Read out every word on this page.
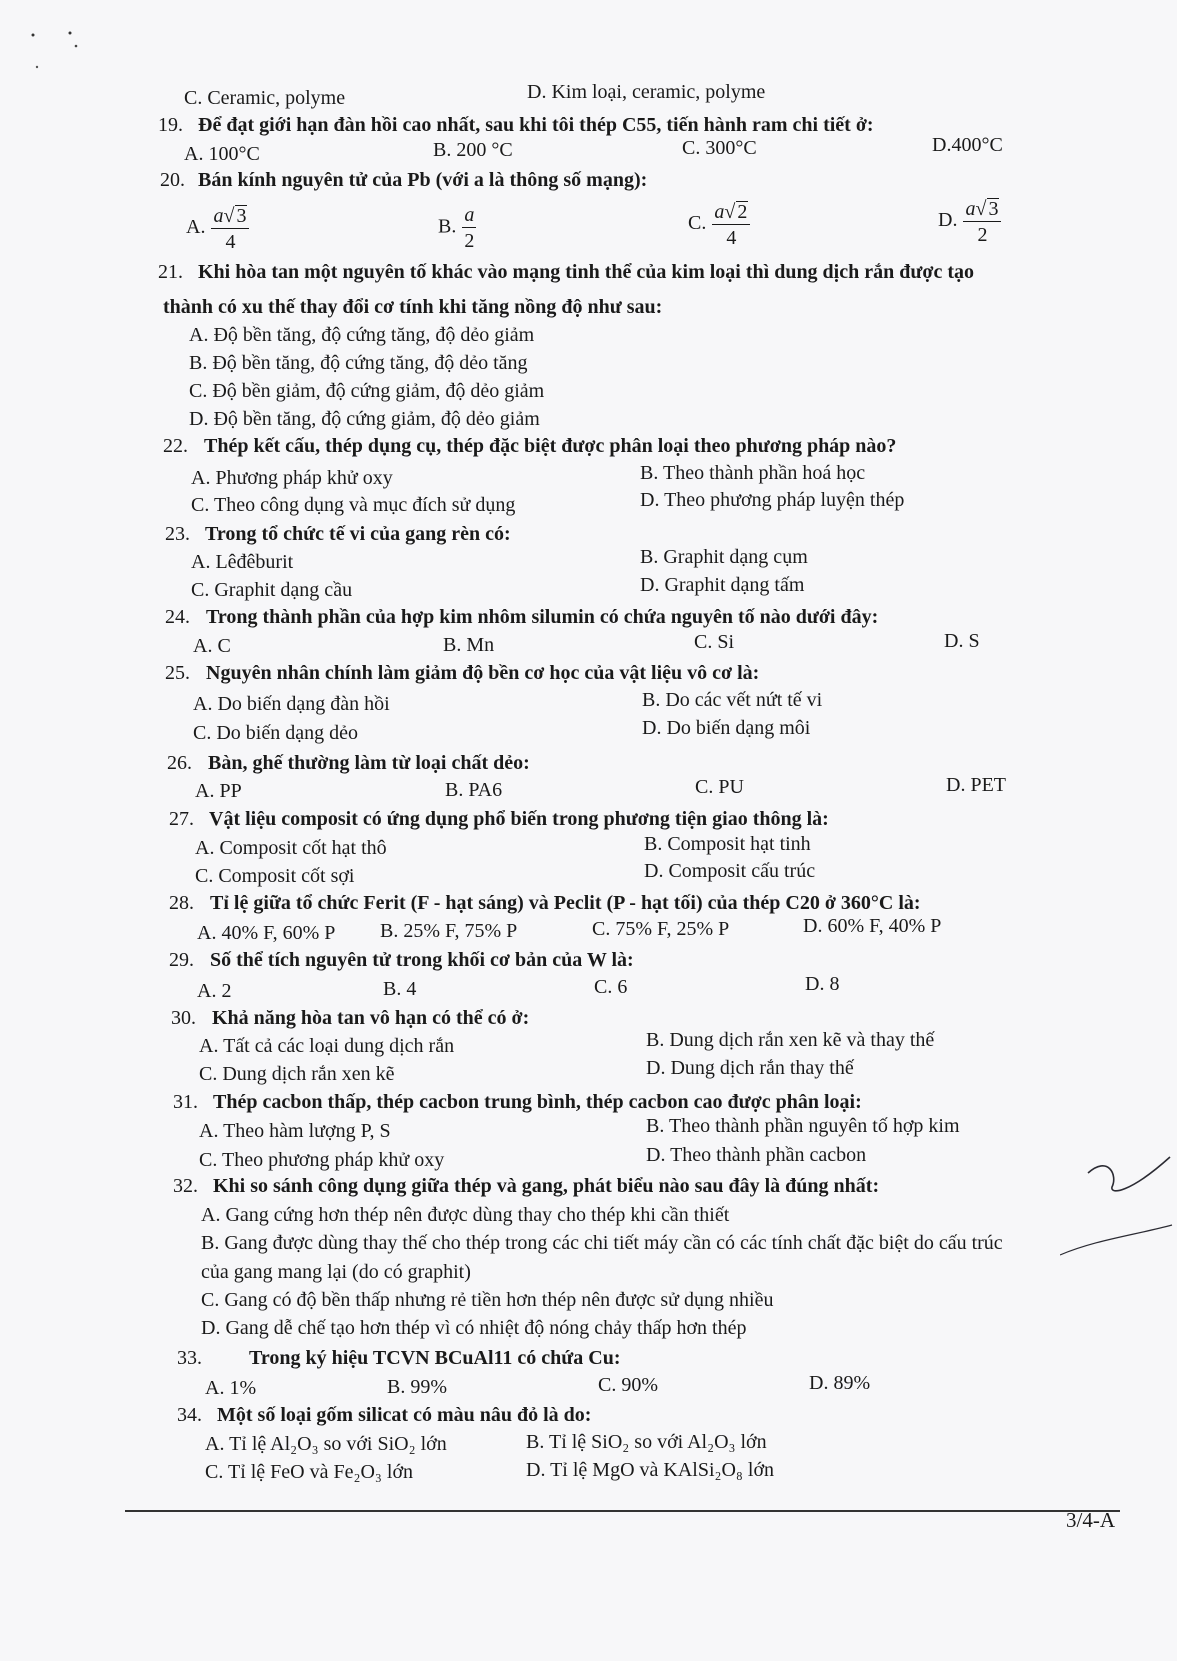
C. Ceramic, polyme	D. Kim loại, ceramic, polyme
19. Để đạt giới hạn đàn hồi cao nhất, sau khi tôi thép C55, tiến hành ram chi tiết ở:
A. 100°C	B. 200 °C	C. 300°C	D.400°C
20. Bán kính nguyên tử của Pb (với a là thông số mạng):
A. $\frac{a√ 3}{4}$	B. $\frac{a}{2}$	C. $\frac{a√ 2}{4}$	D. $\frac{a√ 3}{2}$
21. Khi hòa tan một nguyên tố khác vào mạng tinh thể của kim loại thì dung dịch rắn được tạo
thành có xu thế thay đổi cơ tính khi tăng nồng độ như sau:
A. Độ bền tăng, độ cứng tăng, độ dẻo giảm
B. Độ bền tăng, độ cứng tăng, độ dẻo tăng
C. Độ bền giảm, độ cứng giảm, độ dẻo giảm
D. Độ bền tăng, độ cứng giảm, độ dẻo giảm
22. Thép kết cấu, thép dụng cụ, thép đặc biệt được phân loại theo phương pháp nào?
A. Phương pháp khử oxy	B. Theo thành phần hoá học
C. Theo công dụng và mục đích sử dụng	D. Theo phương pháp luyện thép
23. Trong tổ chức tế vi của gang rèn có:
A. Lêđêburit	B. Graphit dạng cụm
C. Graphit dạng cầu	D. Graphit dạng tấm
24. Trong thành phần của hợp kim nhôm silumin có chứa nguyên tố nào dưới đây:
A. C	B. Mn	C. Si	D. S
25. Nguyên nhân chính làm giảm độ bền cơ học của vật liệu vô cơ là:
A. Do biến dạng đàn hồi	B. Do các vết nứt tế vi
C. Do biến dạng dẻo	D. Do biến dạng môi
26. Bàn, ghế thường làm từ loại chất dẻo:
A. PP	B. PA6	C. PU	D. PET
27. Vật liệu composit có ứng dụng phổ biến trong phương tiện giao thông là:
A. Composit cốt hạt thô	B. Composit hạt tinh
C. Composit cốt sợi	D. Composit cấu trúc
28. Tỉ lệ giữa tổ chức Ferit (F - hạt sáng) và Peclit (P - hạt tối) của thép C20 ở 360°C là:
A. 40% F, 60% P B. 25% F, 75% P	C. 75% F, 25% P	D. 60% F, 40% P
29. Số thể tích nguyên tử trong khối cơ bản của W là:
A. 2	B. 4	C. 6	D. 8
30. Khả năng hòa tan vô hạn có thể có ở:
A. Tất cả các loại dung dịch rắn	B. Dung dịch rắn xen kẽ và thay thế
C. Dung dịch rắn xen kẽ	D. Dung dịch rắn thay thế
31. Thép cacbon thấp, thép cacbon trung bình, thép cacbon cao được phân loại:
A. Theo hàm lượng P, S	B. Theo thành phần nguyên tố hợp kim
C. Theo phương pháp khử oxy	D. Theo thành phần cacbon
32. Khi so sánh công dụng giữa thép và gang, phát biểu nào sau đây là đúng nhất:
A. Gang cứng hơn thép nên được dùng thay cho thép khi cần thiết
B. Gang được dùng thay thế cho thép trong các chi tiết máy cần có các tính chất đặc biệt do cấu trúc
của gang mang lại (do có graphit)
C. Gang có độ bền thấp nhưng rẻ tiền hơn thép nên được sử dụng nhiều
D. Gang dễ chế tạo hơn thép vì có nhiệt độ nóng chảy thấp hơn thép
33. Trong ký hiệu TCVN BCuAl11 có chứa Cu:
A. 1%	B. 99%	C. 90%	D. 89%
34. Một số loại gốm silicat có màu nâu đỏ là do:
A. Tỉ lệ Al₂O₃ so với SiO₂ lớn	B. Tỉ lệ SiO₂ so với Al₂O₃ lớn
C. Tỉ lệ FeO và Fe₂O₃ lớn	D. Tỉ lệ MgO và KAlSi₂O₈ lớn
3/4-A
